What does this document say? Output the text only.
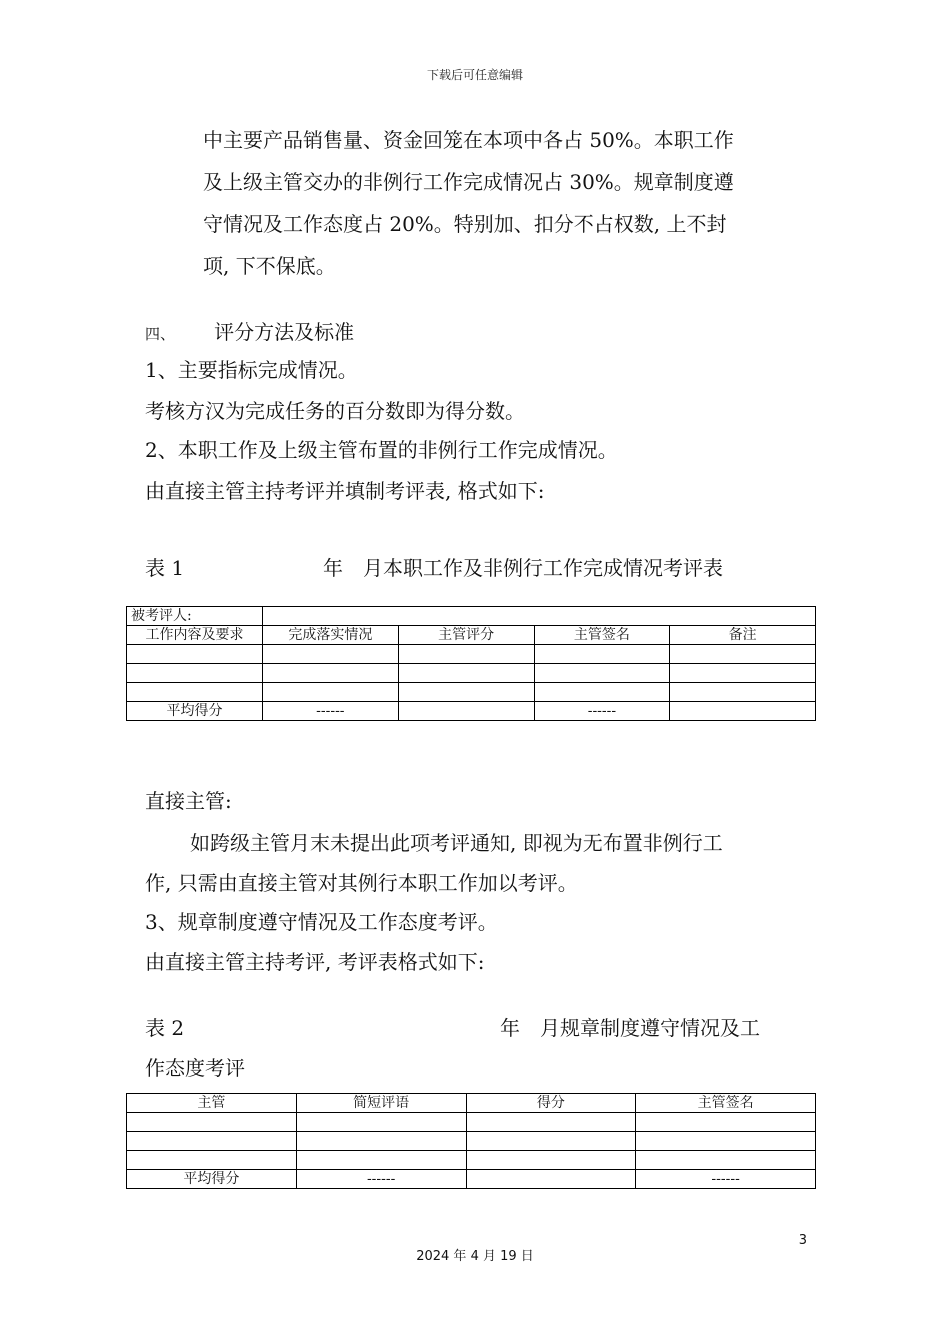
下载后可任意编辑
中主要产品销售量、资金回笼在本项中各占 50%。本职工作
及上级主管交办的非例行工作完成情况占 30%。规章制度遵
守情况及工作态度占 20%。特别加、扣分不占权数, 上不封
项, 下不保底。
四、 评分方法及标准
1、主要指标完成情况。
考核方汉为完成任务的百分数即为得分数。
2、本职工作及上级主管布置的非例行工作完成情况。
由直接主管主持考评并填制考评表, 格式如下:
表 1	年　月本职工作及非例行工作完成情况考评表
被考评人:				
工作内容及要求	完成落实情况	主管评分	主管签名	备注

平均得分	------		------	
直接主管:
如跨级主管月末未提出此项考评通知, 即视为无布置非例行工
作, 只需由直接主管对其例行本职工作加以考评。
3、规章制度遵守情况及工作态度考评。
由直接主管主持考评, 考评表格式如下:
表 2	年　月规章制度遵守情况及工
作态度考评
主管	简短评语	得分	主管签名

平均得分	------		------
3
2024 年 4 月 19 日
